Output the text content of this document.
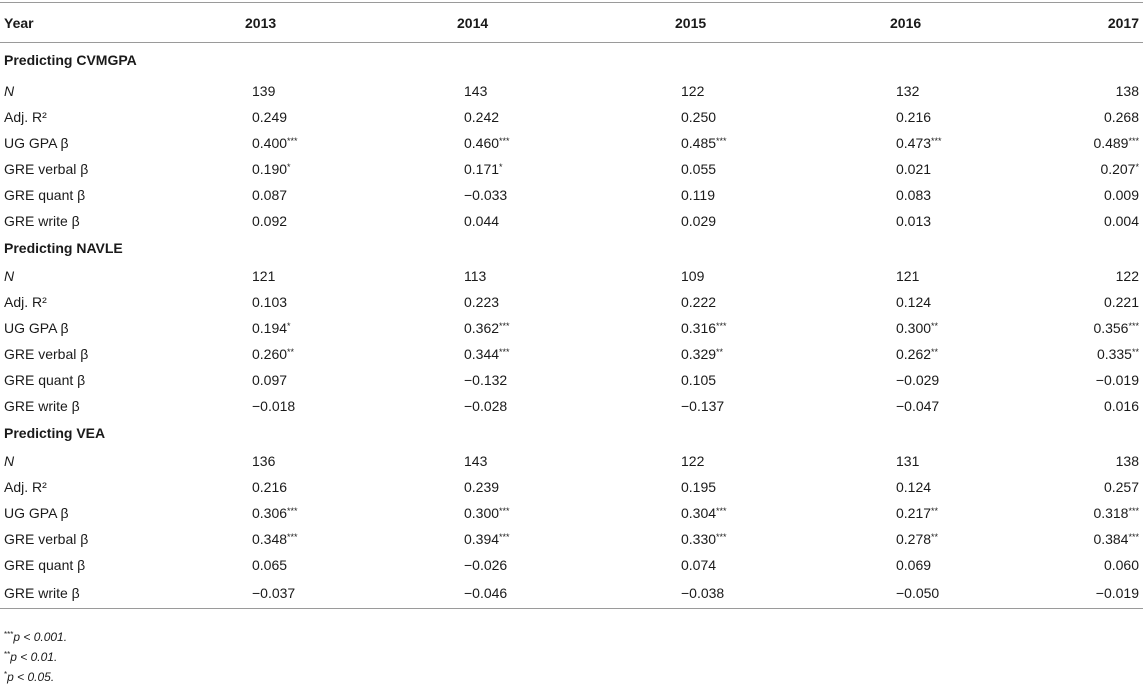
Year	2013	2014	2015	2016	2017
Predicting CVMGPA					
N	139	143	122	132	138
Adj. R²	0.249	0.242	0.250	0.216	0.268
UG GPA β	0.400***	0.460***	0.485***	0.473***	0.489***
GRE verbal β	0.190*	0.171*	0.055	0.021	0.207*
GRE quant β	0.087	−0.033	0.119	0.083	0.009
GRE write β	0.092	0.044	0.029	0.013	0.004
Predicting NAVLE					
N	121	113	109	121	122
Adj. R²	0.103	0.223	0.222	0.124	0.221
UG GPA β	0.194*	0.362***	0.316***	0.300**	0.356***
GRE verbal β	0.260**	0.344***	0.329**	0.262**	0.335**
GRE quant β	0.097	−0.132	0.105	−0.029	−0.019
GRE write β	−0.018	−0.028	−0.137	−0.047	0.016
Predicting VEA					
N	136	143	122	131	138
Adj. R²	0.216	0.239	0.195	0.124	0.257
UG GPA β	0.306***	0.300***	0.304***	0.217**	0.318***
GRE verbal β	0.348***	0.394***	0.330***	0.278**	0.384***
GRE quant β	0.065	−0.026	0.074	0.069	0.060
GRE write β	−0.037	−0.046	−0.038	−0.050	−0.019
***p < 0.001.
**p < 0.01.
*p < 0.05.
